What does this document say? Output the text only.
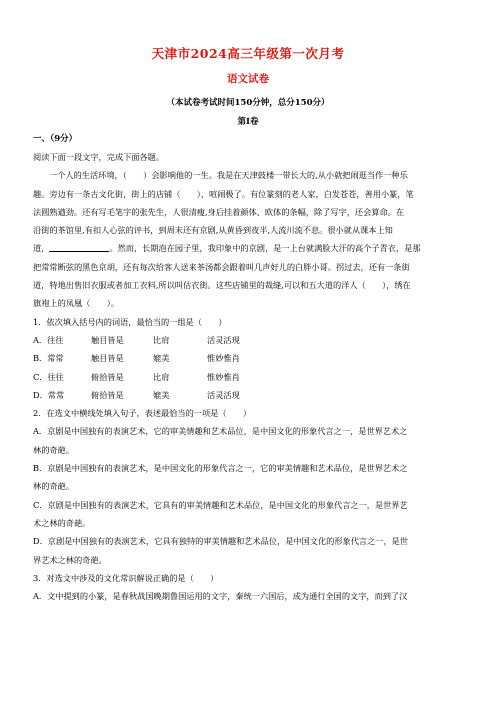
天津市2024高三年级第一次月考
语文试卷
（本试卷考试时间150分钟，总分150分）
第Ⅰ卷
一、（9分）
阅读下面一段文字，完成下面各题。
一个人的生活环境，（　　）会影响他的一生。我是在天津鼓楼一带长大的,从小就把闹逛当作一种乐
趣。旁边有一条古文化街，街上的店铺（　　），喧闹极了。有位篆刻的老人家，白发苍苍，善用小篆，笔
法圆熟遒劲。还有写毛笔字的张先生，人很清瘦,身后挂着颜体、欧体的条幅，除了写字，还会算命。在
沿街的茶馆里,有扣人心弦的评书，到周末还有京剧,从黄昏到夜半,人流川流不息。很小就从课本上知
道，	。然而，长期泡在园子里，我印象中的京剧，是一上台就满脸大汗的高个子青衣，是那
把常常断弦的黑色京胡，还有每次给客人送来茶汤都会跟着叫几声好儿的白胖小哥。拐过去，还有一条街
道，特地出售旧衣服或者加工衣料,所以叫估衣街。这些店铺里的裁缝,可以和五大道的洋人（　　），绣在
旗袍上的凤凰（　　）。
1．依次填入括号内的词语，最恰当的一组是（　　）
A．往往	触目皆是	比肩	活灵活现
B．常常	触目皆是	媲美	惟妙惟肖
C．往往	俯拾皆是	比肩	惟妙惟肖
D．常常	俯拾皆是	媲美	活灵活现
2．在选文中横线处填入句子，表述最恰当的一项是（　　）
A．京剧是中国独有的表演艺术，它的审美情趣和艺术品位，是中国文化的形象代言之一，是世界艺术之
林的奇葩。
B．京剧是中国独有的表演艺术，是中国文化的形象代言之一，它的审美情趣和艺术品位，是世界艺术之
林的奇葩。
C．京剧是中国独有的表演艺术，它具有的审美情趣和艺术品位，是中国文化的形象代言之一，是世界艺
术之林的奇葩。
D．京剧是中国独有的表演艺术，它具有独特的审美情趣和艺术品位，是中国文化的形象代言之一，是世
界艺术之林的奇葩。
3．对选文中涉及的文化常识解说正确的是（　　）
A．文中提到的小篆，是春秋战国晚期鲁国运用的文字，秦统一六国后，成为通行全国的文字，而到了汉
